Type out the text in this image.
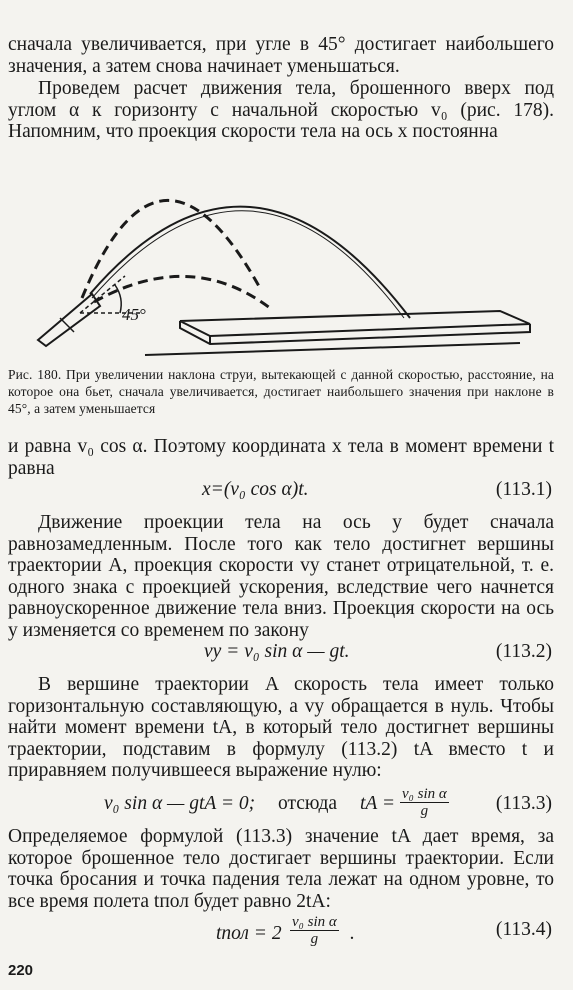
сначала увеличивается, при угле в 45° достигает наибольшего значения, а затем снова начинает уменьшаться.

Проведем расчет движения тела, брошенного вверх под углом α к горизонту с начальной скоростью v₀ (рис. 178). Напомним, что проекция скорости тела на ось x постоянна

45°

Рис. 180. При увеличении наклона струи, вытекающей с данной скоростью, расстояние, на которое она бьет, сначала увеличивается, достигает наибольшего значения при наклоне в 45°, а затем уменьшается

и равна v₀ cos α. Поэтому координата x тела в момент времени t равна

x=(v₀ cos α)t.	(113.1)

Движение проекции тела на ось y будет сначала равнозамедленным. После того как тело достигнет вершины траектории A, проекция скорости vy станет отрицательной, т. е. одного знака с проекцией ускорения, вследствие чего начнется равноускоренное движение тела вниз. Проекция скорости на ось y изменяется со временем по закону

vy = v₀ sin α — gt.	(113.2)

В вершине траектории A скорость тела имеет только горизонтальную составляющую, а vy обращается в нуль. Чтобы найти момент времени tA, в который тело достигнет вершины траектории, подставим в формулу (113.2) tA вместо t и приравняем получившееся выражение нулю:

v₀ sin α — gtA = 0; отсюда tA = $\frac{\text{v₀ sin α}}{g} (113.3)$

Определяемое формулой (113.3) значение tA дает время, за которое брошенное тело достигает вершины траектории. Если точка бросания и точка падения тела лежат на одном уровне, то все время полета tпол будет равно 2tA:

tпол = $2 \frac{\text{v₀ sin α}}{g}$ .	(113.4)
220
